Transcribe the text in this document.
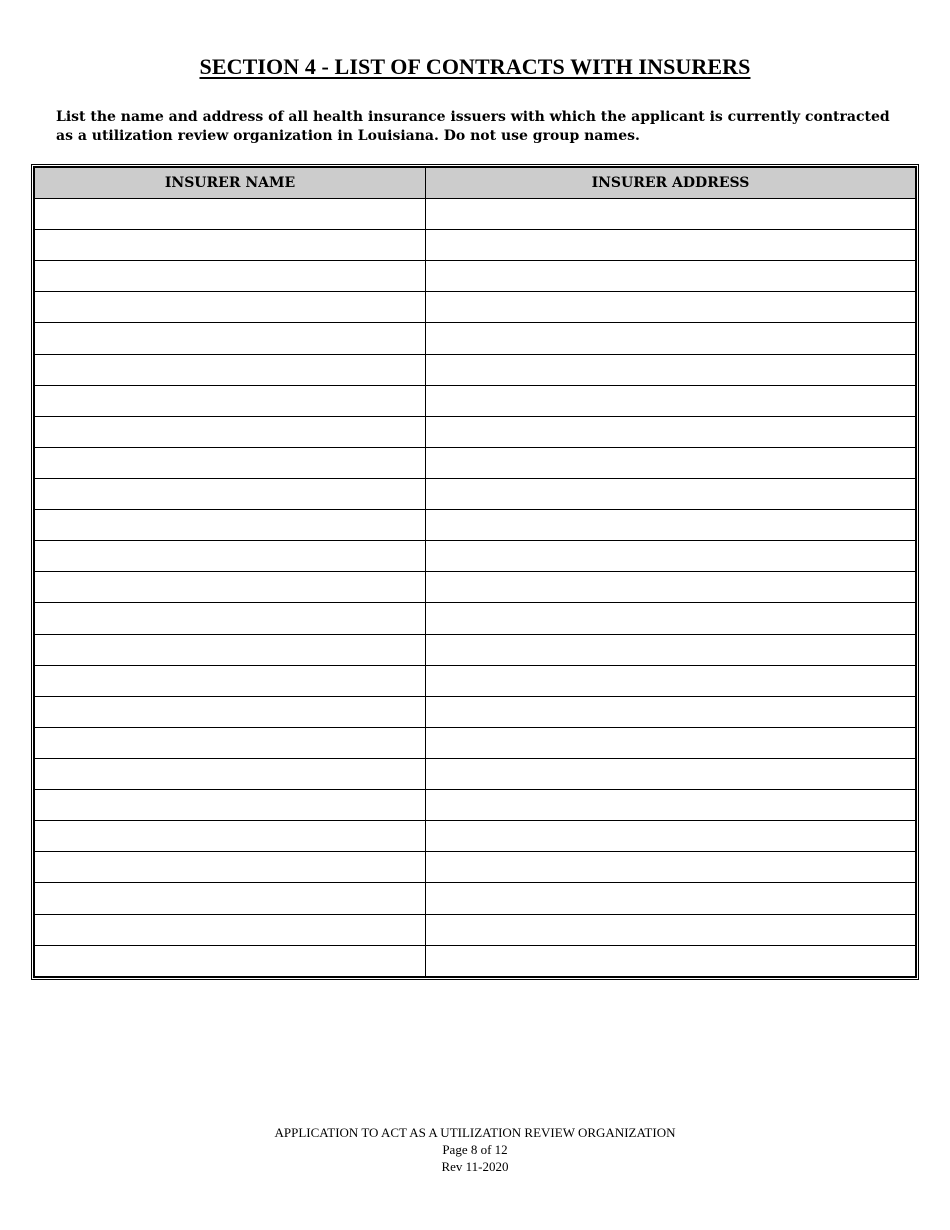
SECTION 4 - LIST OF CONTRACTS WITH INSURERS
List the name and address of all health insurance issuers with which the applicant is currently contracted as a utilization review organization in Louisiana. Do not use group names.
INSURER NAME	INSURER ADDRESS

APPLICATION TO ACT AS A UTILIZATION REVIEW ORGANIZATION
Page 8 of 12
Rev 11-2020
